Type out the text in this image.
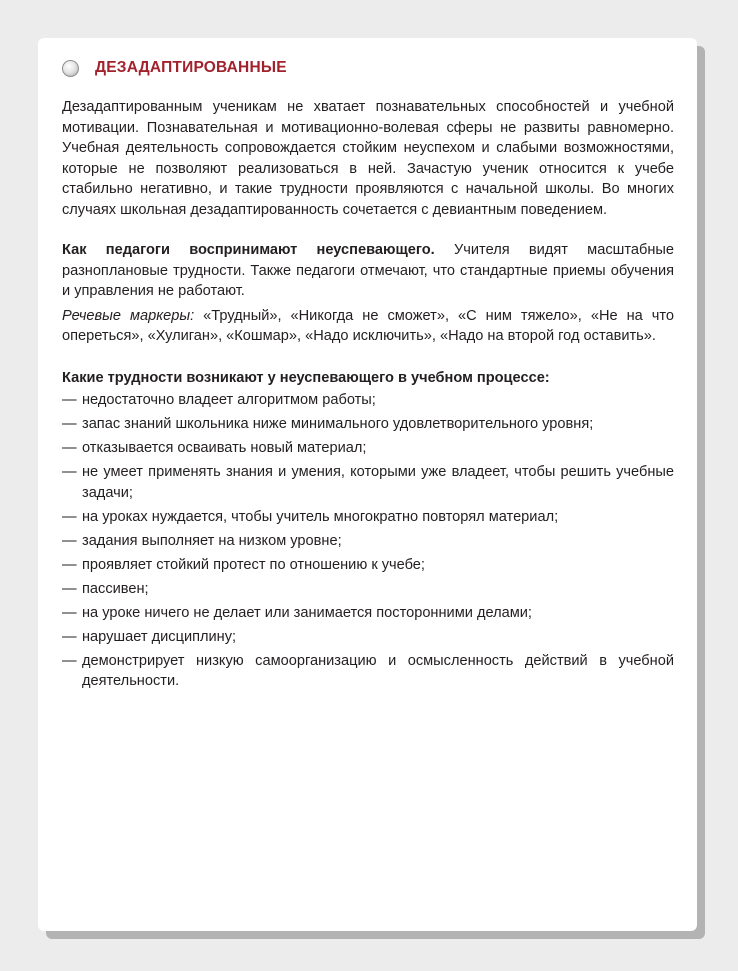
ДЕЗАДАПТИРОВАННЫЕ

Дезадаптированным ученикам не хватает познавательных способностей и учебной мотивации. Познавательная и мотивационно-волевая сферы не развиты равномерно. Учебная деятельность сопровождается стойким неуспехом и слабыми возможностями, которые не позволяют реализоваться в ней. Зачастую ученик относится к учебе стабильно негативно, и такие трудности проявляются с начальной школы. Во многих случаях школьная дезадаптированность сочетается с девиантным поведением.

Как педагоги воспринимают неуспевающего. Учителя видят масштабные разноплановые трудности. Также педагоги отмечают, что стандартные приемы обучения и управления не работают.

Речевые маркеры: «Трудный», «Никогда не сможет», «С ним тяжело», «Не на что опереться», «Хулиган», «Кошмар», «Надо исключить», «Надо на второй год оставить».

Какие трудности возникают у неуспевающего в учебном процессе:

— недостаточно владеет алгоритмом работы;
— запас знаний школьника ниже минимального удовлетворительного уровня;
— отказывается осваивать новый материал;
— не умеет применять знания и умения, которыми уже владеет, чтобы решить учебные задачи;
— на уроках нуждается, чтобы учитель многократно повторял материал;
— задания выполняет на низком уровне;
— проявляет стойкий протест по отношению к учебе;
— пассивен;
— на уроке ничего не делает или занимается посторонними делами;
— нарушает дисциплину;
— демонстрирует низкую самоорганизацию и осмысленность действий в учебной деятельности.
